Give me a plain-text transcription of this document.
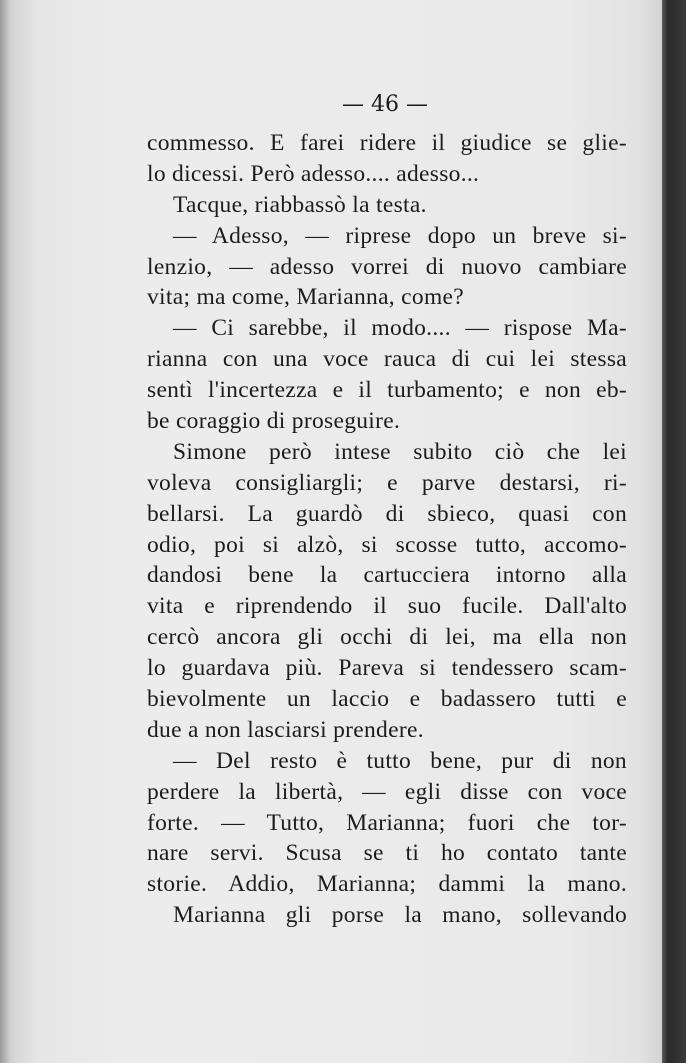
— 46 —
commesso. E farei ridere il giudice se glie-
lo dicessi. Però adesso.... adesso...
Tacque, riabbassò la testa.
— Adesso, — riprese dopo un breve si-
lenzio, — adesso vorrei di nuovo cambiare
vita; ma come, Marianna, come?
— Ci sarebbe, il modo.... — rispose Ma-
rianna con una voce rauca di cui lei stessa
sentì l'incertezza e il turbamento; e non eb-
be coraggio di proseguire.
Simone però intese subito ciò che lei
voleva consigliargli; e parve destarsi, ri-
bellarsi. La guardò di sbieco, quasi con
odio, poi si alzò, si scosse tutto, accomo-
dandosi bene la cartucciera intorno alla
vita e riprendendo il suo fucile. Dall'alto
cercò ancora gli occhi di lei, ma ella non
lo guardava più. Pareva si tendessero scam-
bievolmente un laccio e badassero tutti e
due a non lasciarsi prendere.
— Del resto è tutto bene, pur di non
perdere la libertà, — egli disse con voce
forte. — Tutto, Marianna; fuori che tor-
nare servi. Scusa se ti ho contato tante
storie. Addio, Marianna; dammi la mano.
Marianna gli porse la mano, sollevando
